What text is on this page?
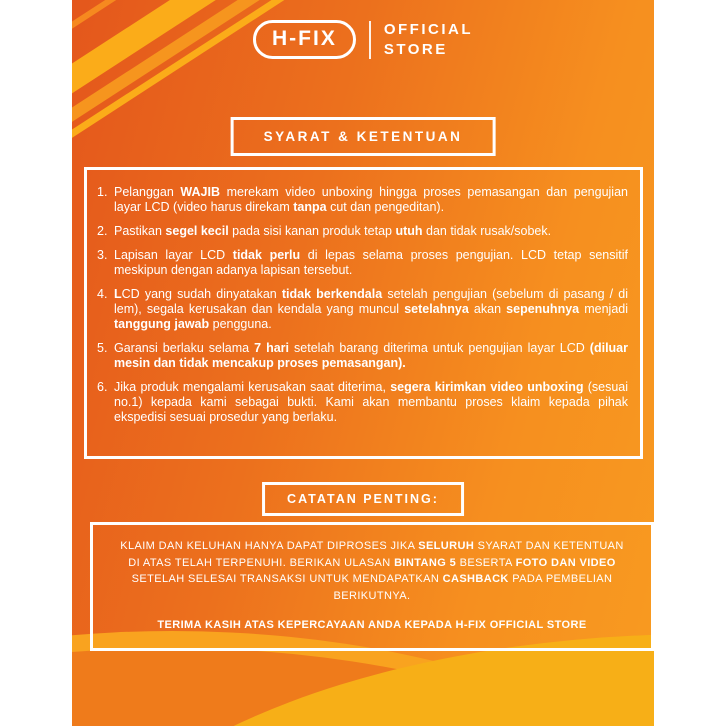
H-FIX	OFFICIAL
STORE
SYARAT & KETENTUAN
1. Pelanggan WAJIB merekam video unboxing hingga proses pemasangan dan pengujian layar LCD (video harus direkam tanpa cut dan pengeditan).

2. Pastikan segel kecil pada sisi kanan produk tetap utuh dan tidak rusak/sobek.

3. Lapisan layar LCD tidak perlu di lepas selama proses pengujian. LCD tetap sensitif meskipun dengan adanya lapisan tersebut.

4. LCD yang sudah dinyatakan tidak berkendala setelah pengujian (sebelum di pasang / di lem), segala kerusakan dan kendala yang muncul setelahnya akan sepenuhnya menjadi tanggung jawab pengguna.

5. Garansi berlaku selama 7 hari setelah barang diterima untuk pengujian layar LCD (diluar mesin dan tidak mencakup proses pemasangan).

6. Jika produk mengalami kerusakan saat diterima, segera kirimkan video unboxing (sesuai no.1) kepada kami sebagai bukti. Kami akan membantu proses klaim kepada pihak ekspedisi sesuai prosedur yang berlaku.

CATATAN PENTING:
KLAIM DAN KELUHAN HANYA DAPAT DIPROSES JIKA SELURUH SYARAT DAN KETENTUAN DI ATAS TELAH TERPENUHI. BERIKAN ULASAN BINTANG 5 BESERTA FOTO DAN VIDEO SETELAH SELESAI TRANSAKSI UNTUK MENDAPATKAN CASHBACK PADA PEMBELIAN BERIKUTNYA.
TERIMA KASIH ATAS KEPERCAYAAN ANDA KEPADA H-FIX OFFICIAL STORE
